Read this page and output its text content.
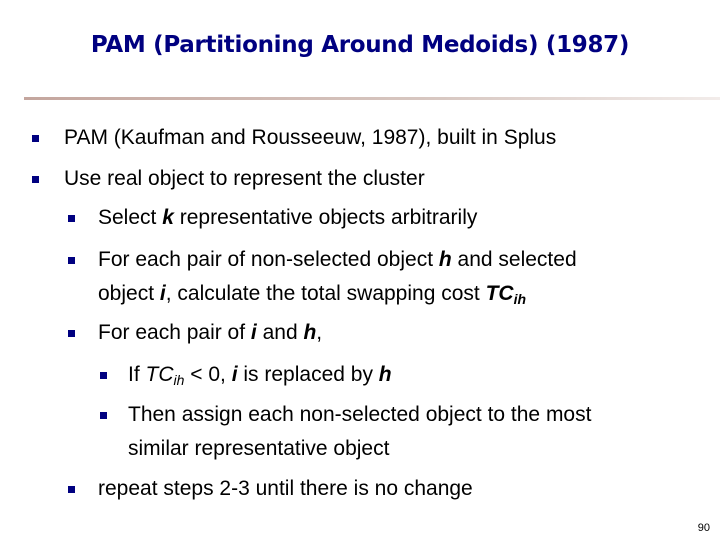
PAM (Partitioning Around Medoids) (1987)
PAM (Kaufman and Rousseeuw, 1987), built in Splus
Use real object to represent the cluster
Select k representative objects arbitrarily
For each pair of non-selected object h and selected
object i, calculate the total swapping cost $TC_{ih}$
For each pair of i and h,
If $TC_{ih} < 0$, i is replaced by h
Then assign each non-selected object to the most
similar representative object
repeat steps 2-3 until there is no change
90
